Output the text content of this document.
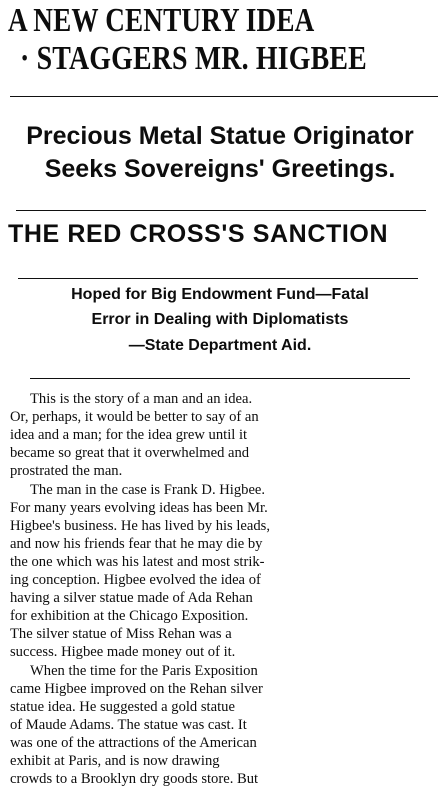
A NEW CENTURY IDEA
· STAGGERS MR. HIGBEE
Precious Metal Statue Originator
Seeks Sovereigns' Greetings.
THE RED CROSS'S SANCTION
Hoped for Big Endowment Fund—Fatal
Error in Dealing with Diplomatists
—State Department Aid.
This is the story of a man and an idea.
Or, perhaps, it would be better to say of an
idea and a man; for the idea grew until it
became so great that it overwhelmed and
prostrated the man.
The man in the case is Frank D. Higbee.
For many years evolving ideas has been Mr.
Higbee's business. He has lived by his leads,
and now his friends fear that he may die by
the one which was his latest and most strik-
ing conception. Higbee evolved the idea of
having a silver statue made of Ada Rehan
for exhibition at the Chicago Exposition.
The silver statue of Miss Rehan was a
success. Higbee made money out of it.
When the time for the Paris Exposition
came Higbee improved on the Rehan silver
statue idea. He suggested a gold statue
of Maude Adams. The statue was cast. It
was one of the attractions of the American
exhibit at Paris, and is now drawing
crowds to a Brooklyn dry goods store. But
